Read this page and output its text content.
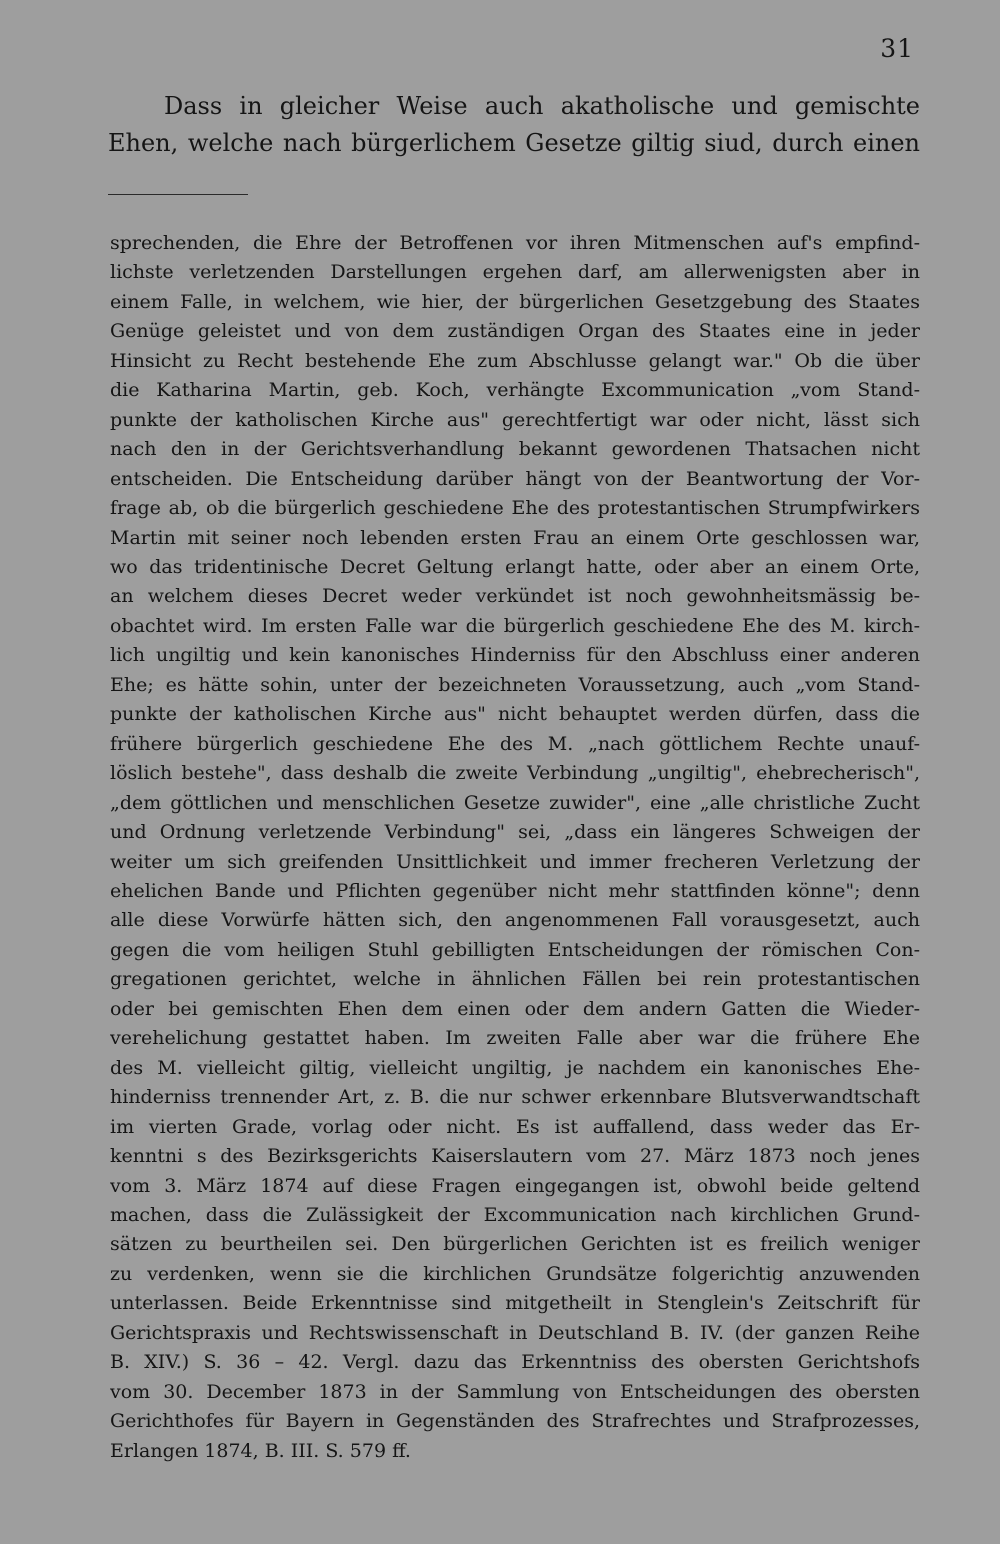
31
Dass in gleicher Weise auch akatholische und gemischte
Ehen, welche nach bürgerlichem Gesetze giltig siud, durch einen
sprechenden, die Ehre der Betroffenen vor ihren Mitmenschen auf's empfind-
lichste verletzenden Darstellungen ergehen darf, am allerwenigsten aber in
einem Falle, in welchem, wie hier, der bürgerlichen Gesetzgebung des Staates
Genüge geleistet und von dem zuständigen Organ des Staates eine in jeder
Hinsicht zu Recht bestehende Ehe zum Abschlusse gelangt war." Ob die über
die Katharina Martin, geb. Koch, verhängte Excommunication „vom Stand-
punkte der katholischen Kirche aus" gerechtfertigt war oder nicht, lässt sich
nach den in der Gerichtsverhandlung bekannt gewordenen Thatsachen nicht
entscheiden. Die Entscheidung darüber hängt von der Beantwortung der Vor-
frage ab, ob die bürgerlich geschiedene Ehe des protestantischen Strumpfwirkers
Martin mit seiner noch lebenden ersten Frau an einem Orte geschlossen war,
wo das tridentinische Decret Geltung erlangt hatte, oder aber an einem Orte,
an welchem dieses Decret weder verkündet ist noch gewohnheitsmässig be-
obachtet wird. Im ersten Falle war die bürgerlich geschiedene Ehe des M. kirch-
lich ungiltig und kein kanonisches Hinderniss für den Abschluss einer anderen
Ehe; es hätte sohin, unter der bezeichneten Voraussetzung, auch „vom Stand-
punkte der katholischen Kirche aus" nicht behauptet werden dürfen, dass die
frühere bürgerlich geschiedene Ehe des M. „nach göttlichem Rechte unauf-
löslich bestehe", dass deshalb die zweite Verbindung „ungiltig", ehebrecherisch",
„dem göttlichen und menschlichen Gesetze zuwider", eine „alle christliche Zucht
und Ordnung verletzende Verbindung" sei, „dass ein längeres Schweigen der
weiter um sich greifenden Unsittlichkeit und immer frecheren Verletzung der
ehelichen Bande und Pflichten gegenüber nicht mehr stattfinden könne"; denn
alle diese Vorwürfe hätten sich, den angenommenen Fall vorausgesetzt, auch
gegen die vom heiligen Stuhl gebilligten Entscheidungen der römischen Con-
gregationen gerichtet, welche in ähnlichen Fällen bei rein protestantischen
oder bei gemischten Ehen dem einen oder dem andern Gatten die Wieder-
verehelichung gestattet haben. Im zweiten Falle aber war die frühere Ehe
des M. vielleicht giltig, vielleicht ungiltig, je nachdem ein kanonisches Ehe-
hinderniss trennender Art, z. B. die nur schwer erkennbare Blutsverwandtschaft
im vierten Grade, vorlag oder nicht. Es ist auffallend, dass weder das Er-
kenntni s des Bezirksgerichts Kaiserslautern vom 27. März 1873 noch jenes
vom 3. März 1874 auf diese Fragen eingegangen ist, obwohl beide geltend
machen, dass die Zulässigkeit der Excommunication nach kirchlichen Grund-
sätzen zu beurtheilen sei. Den bürgerlichen Gerichten ist es freilich weniger
zu verdenken, wenn sie die kirchlichen Grundsätze folgerichtig anzuwenden
unterlassen. Beide Erkenntnisse sind mitgetheilt in Stenglein's Zeitschrift für
Gerichtspraxis und Rechtswissenschaft in Deutschland B. IV. (der ganzen Reihe
B. XIV.) S. 36 – 42. Vergl. dazu das Erkenntniss des obersten Gerichtshofs
vom 30. December 1873 in der Sammlung von Entscheidungen des obersten
Gerichthofes für Bayern in Gegenständen des Strafrechtes und Strafprozesses,
Erlangen 1874, B. III. S. 579 ff.
